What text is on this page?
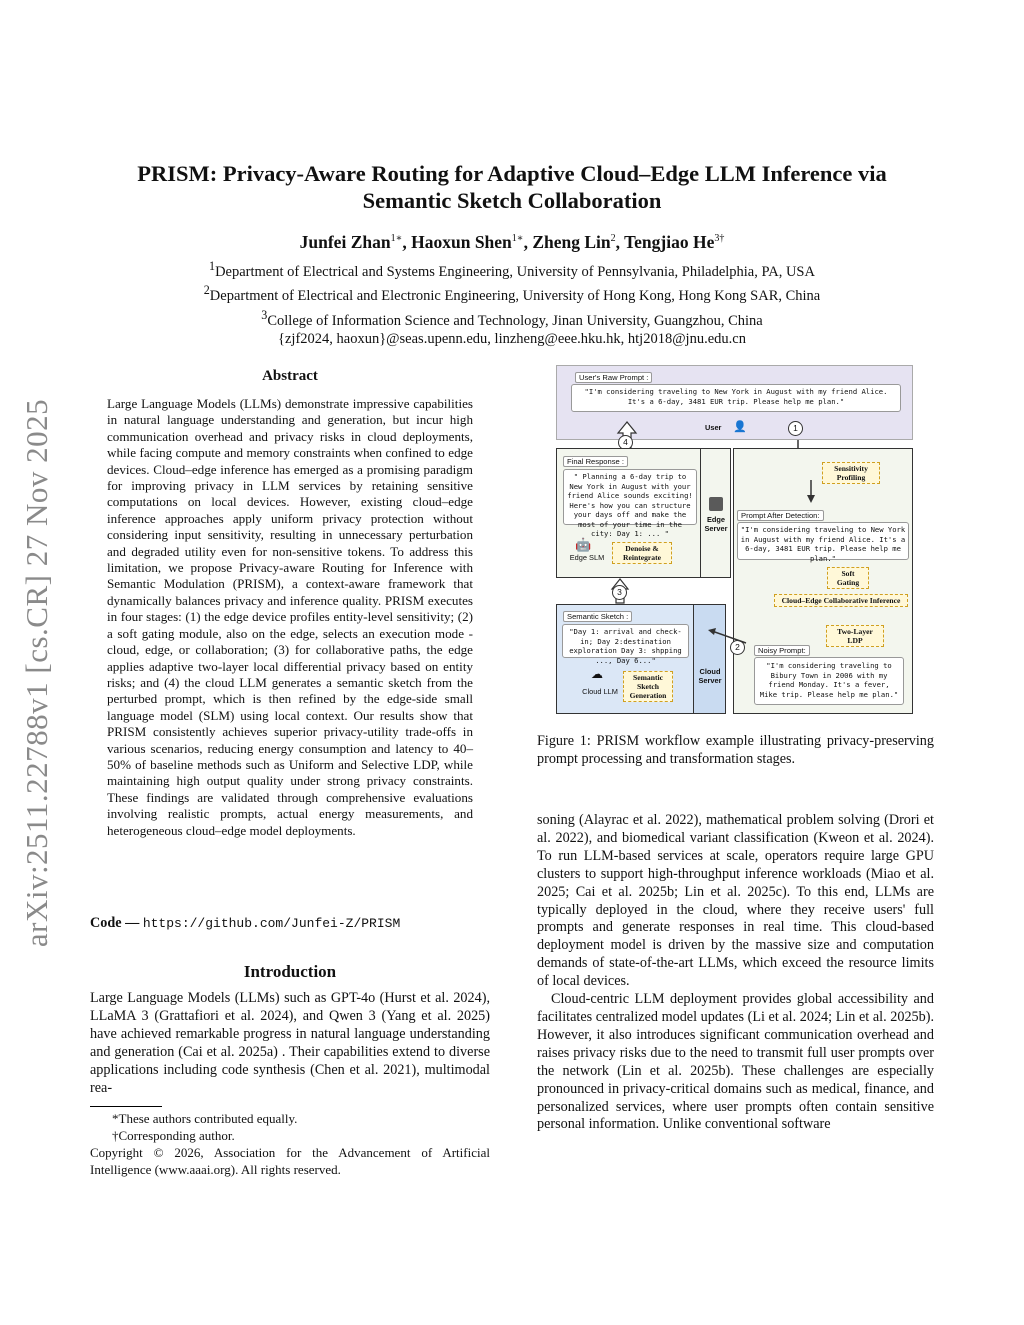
arXiv:2511.22788v1 [cs.CR] 27 Nov 2025
PRISM: Privacy-Aware Routing for Adaptive Cloud–Edge LLM Inference via
Semantic Sketch Collaboration
Junfei Zhan$^{1∗}$, Haoxun Shen$^{1∗}$, Zheng Lin$^2$, Tengjiao $He^{3\dagger}$
$^1$Department of Electrical and Systems Engineering, University of Pennsylvania, Philadelphia, PA, USA
$^2$Department of Electrical and Electronic Engineering, University of Hong Kong, Hong Kong SAR, China
$^3$College of Information Science and Technology, Jinan University, Guangzhou, China
{zjf2024, haoxun}@seas.upenn.edu, linzheng@eee.hku.hk, htj2018@jnu.edu.cn
Abstract
Large Language Models (LLMs) demonstrate impressive capabilities in natural language understanding and generation, but incur high communication overhead and privacy risks in cloud deployments, while facing compute and memory constraints when confined to edge devices. Cloud–edge inference has emerged as a promising paradigm for improving privacy in LLM services by retaining sensitive computations on local devices. However, existing cloud–edge inference approaches apply uniform privacy protection without considering input sensitivity, resulting in unnecessary perturbation and degraded utility even for non-sensitive tokens. To address this limitation, we propose Privacy-aware Routing for Inference with Semantic Modulation (PRISM), a context-aware framework that dynamically balances privacy and inference quality. PRISM executes in four stages: (1) the edge device profiles entity-level sensitivity; (2) a soft gating module, also on the edge, selects an execution mode -cloud, edge, or collaboration; (3) for collaborative paths, the edge applies adaptive two-layer local differential privacy based on entity risks; and (4) the cloud LLM generates a semantic sketch from the perturbed prompt, which is then refined by the edge-side small language model (SLM) using local context. Our results show that PRISM consistently achieves superior privacy-utility trade-offs in various scenarios, reducing energy consumption and latency to 40–50% of baseline methods such as Uniform and Selective LDP, while maintaining high output quality under strong privacy constraints. These findings are validated through comprehensive evaluations involving realistic prompts, actual energy measurements, and heterogeneous cloud–edge model deployments.
Code — https://github.com/Junfei-Z/PRISM
Introduction
Large Language Models (LLMs) such as GPT-4o (Hurst et al. 2024), LLaMA 3 (Grattafiori et al. 2024), and Qwen 3 (Yang et al. 2025) have achieved remarkable progress in natural language understanding and generation (Cai et al. 2025a) . Their capabilities extend to diverse applications including code synthesis (Chen et al. 2021), multimodal rea-
*These authors contributed equally.
†Corresponding author.
Copyright © 2026, Association for the Advancement of Artificial Intelligence (www.aaai.org). All rights reserved.
User's Raw Prompt :
"I'm considering traveling to New York in August with my friend Alice. It's a 6-day, 3481 EUR trip. Please help me plan."
User 👤
4
1
Final Response :
" Planning a 6-day trip to New York in August with your friend Alice sounds exciting! Here's how you can structure your days off and make the most of your time in the city: Day 1: ... "
🤖
Edge SLM
Denoise & Reintegrate
Edge Server
3
Semantic Sketch :
"Day 1: arrival and check-in; Day 2:destination exploration Day 3: shpping ..., Day 6..."
☁
Cloud LLM
Semantic Sketch Generation
Cloud Server
Sensitivity Profiling
Prompt After Detection:
"I'm considering traveling to New York in August with my friend Alice. It's a 6-day, 3481 EUR trip. Please help me plan."
Soft Gating
Cloud–Edge Collaborative Inference
Two-Layer LDP
Noisy Prompt:
"I'm considering traveling to Bibury Town in 2006 with my friend Monday. It's a fever, Mike trip. Please help me plan."
2
Figure 1: PRISM workflow example illustrating privacy-preserving prompt processing and transformation stages.

soning (Alayrac et al. 2022), mathematical problem solving (Drori et al. 2022), and biomedical variant classification (Kweon et al. 2024). To run LLM-based services at scale, operators require large GPU clusters to support high-throughput inference workloads (Miao et al. 2025; Cai et al. 2025b; Lin et al. 2025c). To this end, LLMs are typically deployed in the cloud, where they receive users' full prompts and generate responses in real time. This cloud-based deployment model is driven by the massive size and computation demands of state-of-the-art LLMs, which exceed the resource limits of local devices.

Cloud-centric LLM deployment provides global accessibility and facilitates centralized model updates (Li et al. 2024; Lin et al. 2025b). However, it also introduces significant communication overhead and raises privacy risks due to the need to transmit full user prompts over the network (Lin et al. 2025b). These challenges are especially pronounced in privacy-critical domains such as medical, finance, and personalized services, where user prompts often contain sensitive personal information. Unlike conventional software
